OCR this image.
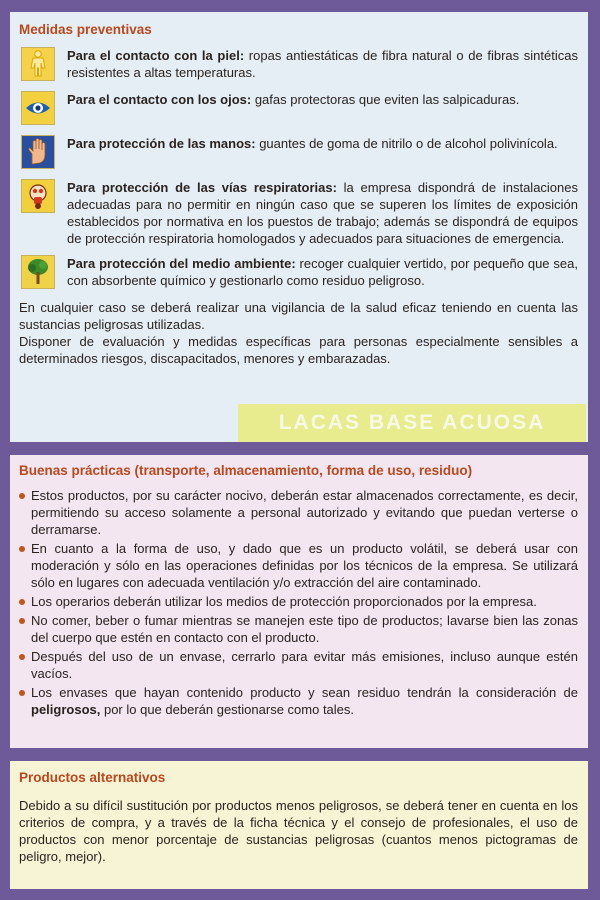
Medidas preventivas

Para el contacto con la piel: ropas antiestáticas de fibra natural o de fibras sintéticas resistentes a altas temperaturas.

Para el contacto con los ojos: gafas protectoras que eviten las salpicaduras.

Para protección de las manos: guantes de goma de nitrilo o de alcohol polivinícola.

Para protección de las vías respiratorias: la empresa dispondrá de instalaciones adecuadas para no permitir en ningún caso que se superen los límites de exposición establecidos por normativa en los puestos de trabajo; además se dispondrá de equipos de protección respiratoria homologados y adecuados para situaciones de emergencia.

Para protección del medio ambiente: recoger cualquier vertido, por pequeño que sea, con absorbente químico y gestionarlo como residuo peligroso.

En cualquier caso se deberá realizar una vigilancia de la salud eficaz teniendo en cuenta las sustancias peligrosas utilizadas.

Disponer de evaluación y medidas específicas para personas especialmente sensibles a determinados riesgos, discapacitados, menores y embarazadas.

LACAS BASE ACUOSA
Buenas prácticas (transporte, almacenamiento, forma de uso, residuo)
Estos productos, por su carácter nocivo, deberán estar almacenados correctamente, es decir, permitiendo su acceso solamente a personal autorizado y evitando que puedan verterse o derramarse.
En cuanto a la forma de uso, y dado que es un producto volátil, se deberá usar con moderación y sólo en las operaciones definidas por los técnicos de la empresa. Se utilizará sólo en lugares con adecuada ventilación y/o extracción del aire contaminado.
Los operarios deberán utilizar los medios de protección proporcionados por la empresa.
No comer, beber o fumar mientras se manejen este tipo de productos; lavarse bien las zonas del cuerpo que estén en contacto con el producto.
Después del uso de un envase, cerrarlo para evitar más emisiones, incluso aunque estén vacíos.
Los envases que hayan contenido producto y sean residuo tendrán la consideración de peligrosos, por lo que deberán gestionarse como tales.
Productos alternativos

Debido a su difícil sustitución por productos menos peligrosos, se deberá tener en cuenta en los criterios de compra, y a través de la ficha técnica y el consejo de profesionales, el uso de productos con menor porcentaje de sustancias peligrosas (cuantos menos pictogramas de peligro, mejor).
